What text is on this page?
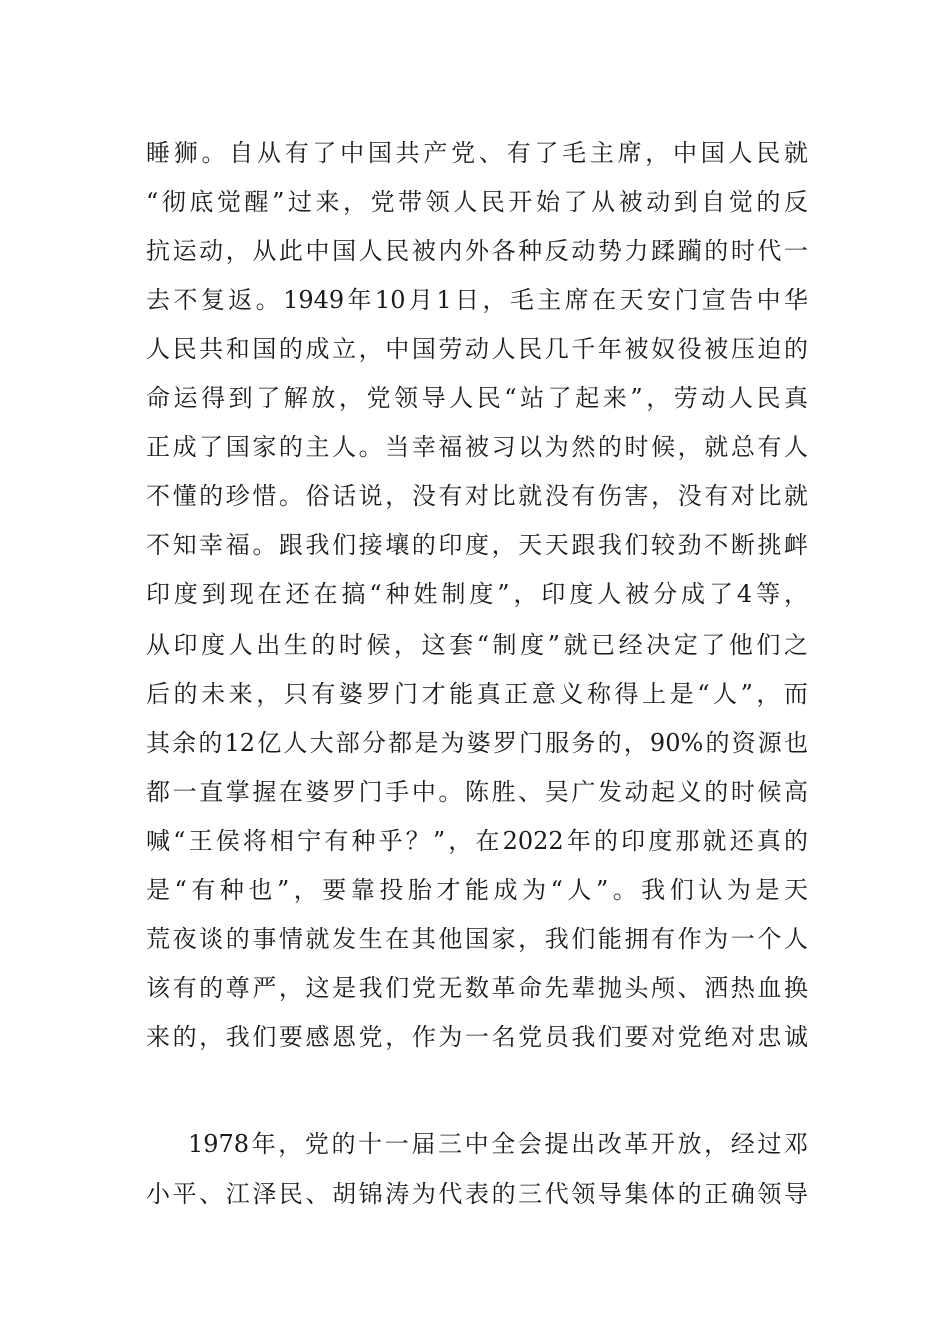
睡狮。自从有了中国共产党、有了毛主席，中国人民就
“彻底觉醒”过来，党带领人民开始了从被动到自觉的反
抗运动，从此中国人民被内外各种反动势力蹂躏的时代一
去不复返。1949年10月1日，毛主席在天安门宣告中华
人民共和国的成立，中国劳动人民几千年被奴役被压迫的
命运得到了解放，党领导人民“站了起来”，劳动人民真
正成了国家的主人。当幸福被习以为然的时候，就总有人
不懂的珍惜。俗话说，没有对比就没有伤害，没有对比就
不知幸福。跟我们接壤的印度，天天跟我们较劲不断挑衅
印度到现在还在搞“种姓制度”，印度人被分成了4等，
从印度人出生的时候，这套“制度”就已经决定了他们之
后的未来，只有婆罗门才能真正意义称得上是“人”，而
其余的12亿人大部分都是为婆罗门服务的，90%的资源也
都一直掌握在婆罗门手中。陈胜、吴广发动起义的时候高
喊“王侯将相宁有种乎？”，在2022年的印度那就还真的
是“有种也”，要靠投胎才能成为“人”。我们认为是天
荒夜谈的事情就发生在其他国家，我们能拥有作为一个人
该有的尊严，这是我们党无数革命先辈抛头颅、洒热血换
来的，我们要感恩党，作为一名党员我们要对党绝对忠诚
1978年，党的十一届三中全会提出改革开放，经过邓
小平、江泽民、胡锦涛为代表的三代领导集体的正确领导
